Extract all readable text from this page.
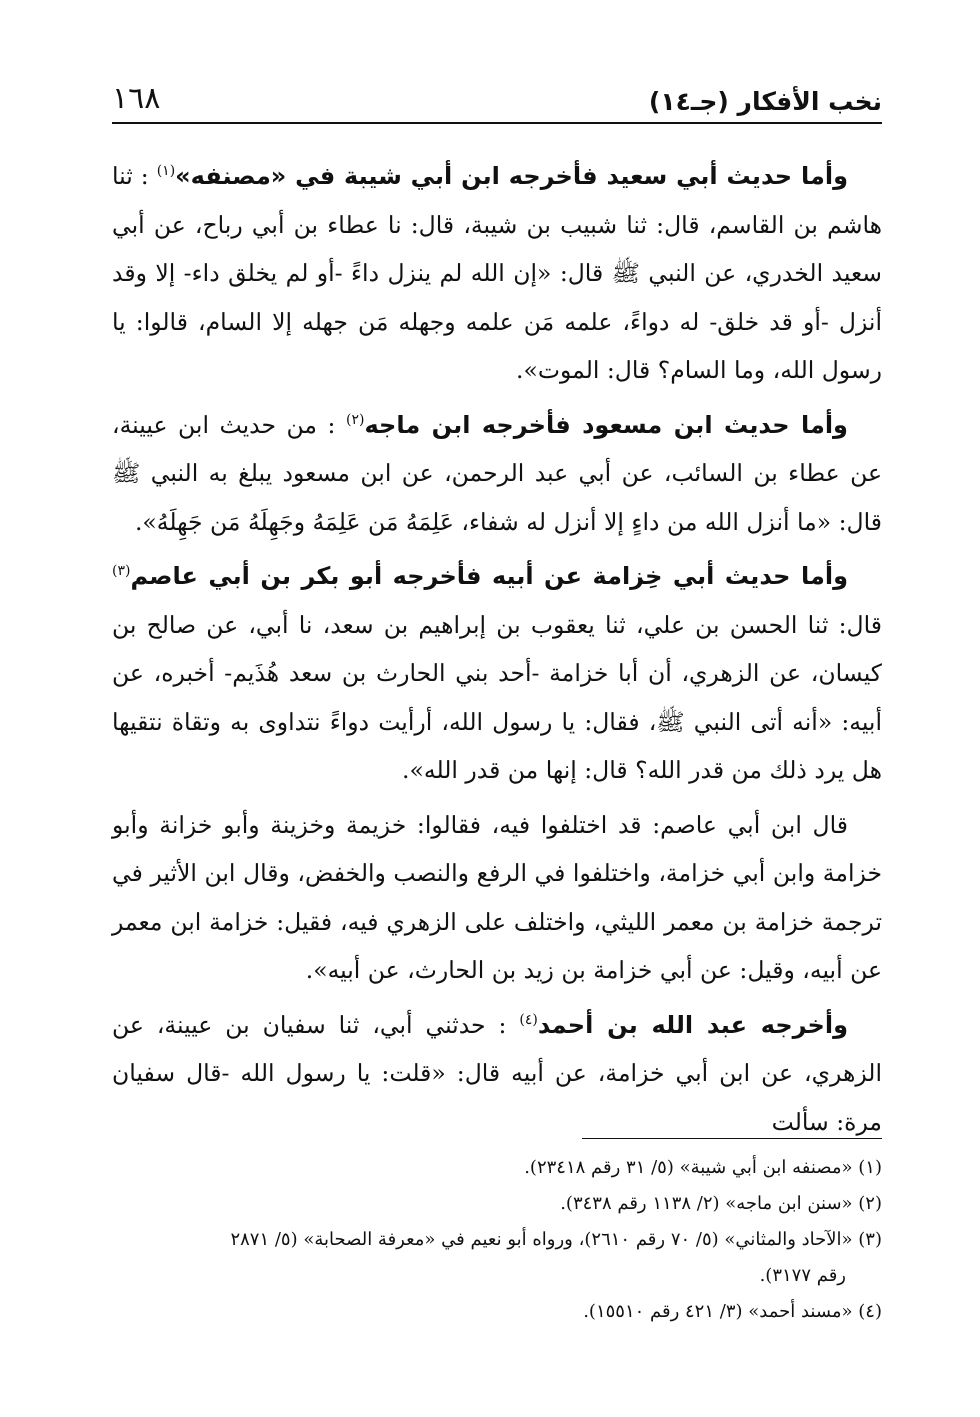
نخب الأفكار (جـ١٤)
١٦٨

وأما حديث أبي سعيد فأخرجه ابن أبي شيبة في «مصنفه»$^{(١)}$ : ثنا هاشم بن القاسم، قال: ثنا شبيب بن شيبة، قال: نا عطاء بن أبي رباح، عن أبي سعيد الخدري، عن النبي ﷺ قال: «إن الله لم ينزل داءً -أو لم يخلق داء- إلا وقد أنزل -أو قد خلق- له دواءً، علمه مَن علمه وجهله مَن جهله إلا السام، قالوا: يا رسول الله، وما السام؟ قال: الموت».

وأما حديث ابن مسعود فأخرجه ابن ماجه$^{(٢)}$ : من حديث ابن عيينة، عن عطاء بن السائب، عن أبي عبد الرحمن، عن ابن مسعود يبلغ به النبي ﷺ قال: «ما أنزل الله من داءٍ إلا أنزل له شفاء، عَلِمَهُ مَن عَلِمَهُ وجَهِلَهُ مَن جَهِلَهُ».

وأما حديث أبي خِزامة عن أبيه فأخرجه أبو بكر بن أبي عاصم$^{(٣)}$ قال: ثنا الحسن بن علي، ثنا يعقوب بن إبراهيم بن سعد، نا أبي، عن صالح بن كيسان، عن الزهري، أن أبا خزامة -أحد بني الحارث بن سعد هُذَيم- أخبره، عن أبيه: «أنه أتى النبي ﷺ، فقال: يا رسول الله، أرأيت دواءً نتداوى به وتقاة نتقيها هل يرد ذلك من قدر الله؟ قال: إنها من قدر الله».

قال ابن أبي عاصم: قد اختلفوا فيه، فقالوا: خزيمة وخزينة وأبو خزانة وأبو خزامة وابن أبي خزامة، واختلفوا في الرفع والنصب والخفض، وقال ابن الأثير في ترجمة خزامة بن معمر الليثي، واختلف على الزهري فيه، فقيل: خزامة ابن معمر عن أبيه، وقيل: عن أبي خزامة بن زيد بن الحارث، عن أبيه».

وأخرجه عبد الله بن أحمد$^{(٤)}$ : حدثني أبي، ثنا سفيان بن عيينة، عن الزهري، عن ابن أبي خزامة، عن أبيه قال: «قلت: يا رسول الله -قال سفيان مرة: سألت

(١) «مصنفه ابن أبي شيبة» (٥/ ٣١ رقم ٢٣٤١٨).
(٢) «سنن ابن ماجه» (٢/ ١١٣٨ رقم ٣٤٣٨).
(٣) «الآحاد والمثاني» (٥/ ٧٠ رقم ٢٦١٠)، ورواه أبو نعيم في «معرفة الصحابة» (٥/ ٢٨٧١
رقم ٣١٧٧).
(٤) «مسند أحمد» (٣/ ٤٢١ رقم ١٥٥١٠).
